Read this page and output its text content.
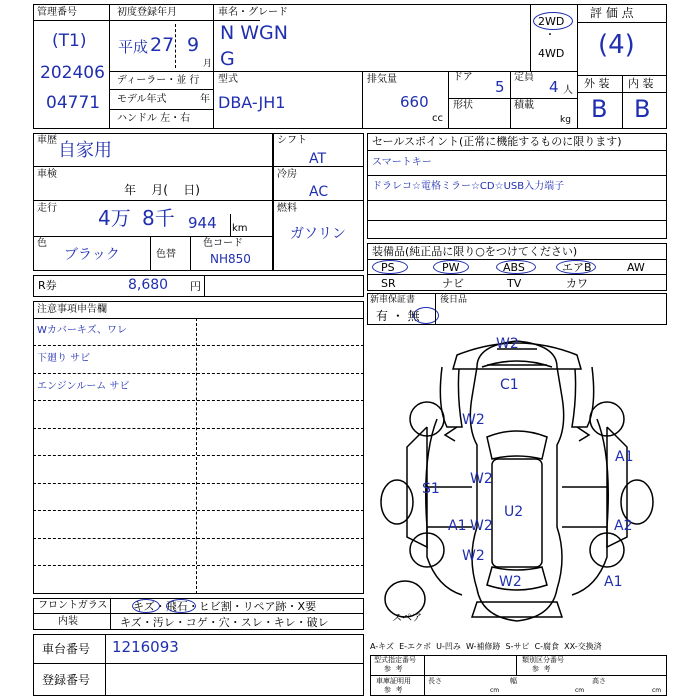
管理番号
(T1)
202406
04771
初度登録年月
平成 27 9
月
車名・グレード
N WGN
G
2WD
・
4WD
評 価 点
(4)
外 装 内 装
B B
ディーラー・並 行
モデル年式	年
ハンドル 左・右
型式
DBA-JH1
排気量
660
cc
ドア
5
定員
4 人
形状	積載
kg
車歴 自家用
車検
年    月(    日)
走行 4万 8千 944 km
色
ブラック	色替
色コード
NH850
シフト
AT
冷房
AC
燃料
ガソリン
セールスポイント(正常に機能するものに限ります)
スマートキー
ドラレコ☆電格ミラー☆CD☆USB入力端子
装備品(純正品に限り○をつけてください)
PS	PW	ABS	エアB	AW
SR	ナビ	TV	カワ
R券	8,680 円
新車保証書
有 ・ 無
後日品
注意事項申告欄
Wカバーキズ、ワレ
下廻り サビ
エンジンルーム サビ
W2
C1
W2
A1
S1
W2
U2
A1 W2	A2
W2
W2	A1
スペア
フロントガラス キズ・飛石・ヒビ割・リペア跡・X要
内装	キズ・汚レ・コゲ・穴・スレ・キレ・破レ
車台番号 1216093
登録番号
A-キズ  E-エクボ  U-凹み  W-補修跡  S-サビ  C-腐食  XX-交換済
型式指定番号
参  考
類別区分番号
参  考
車庫証明用
参  考
長さ
cm
幅
cm
高さ
cm
